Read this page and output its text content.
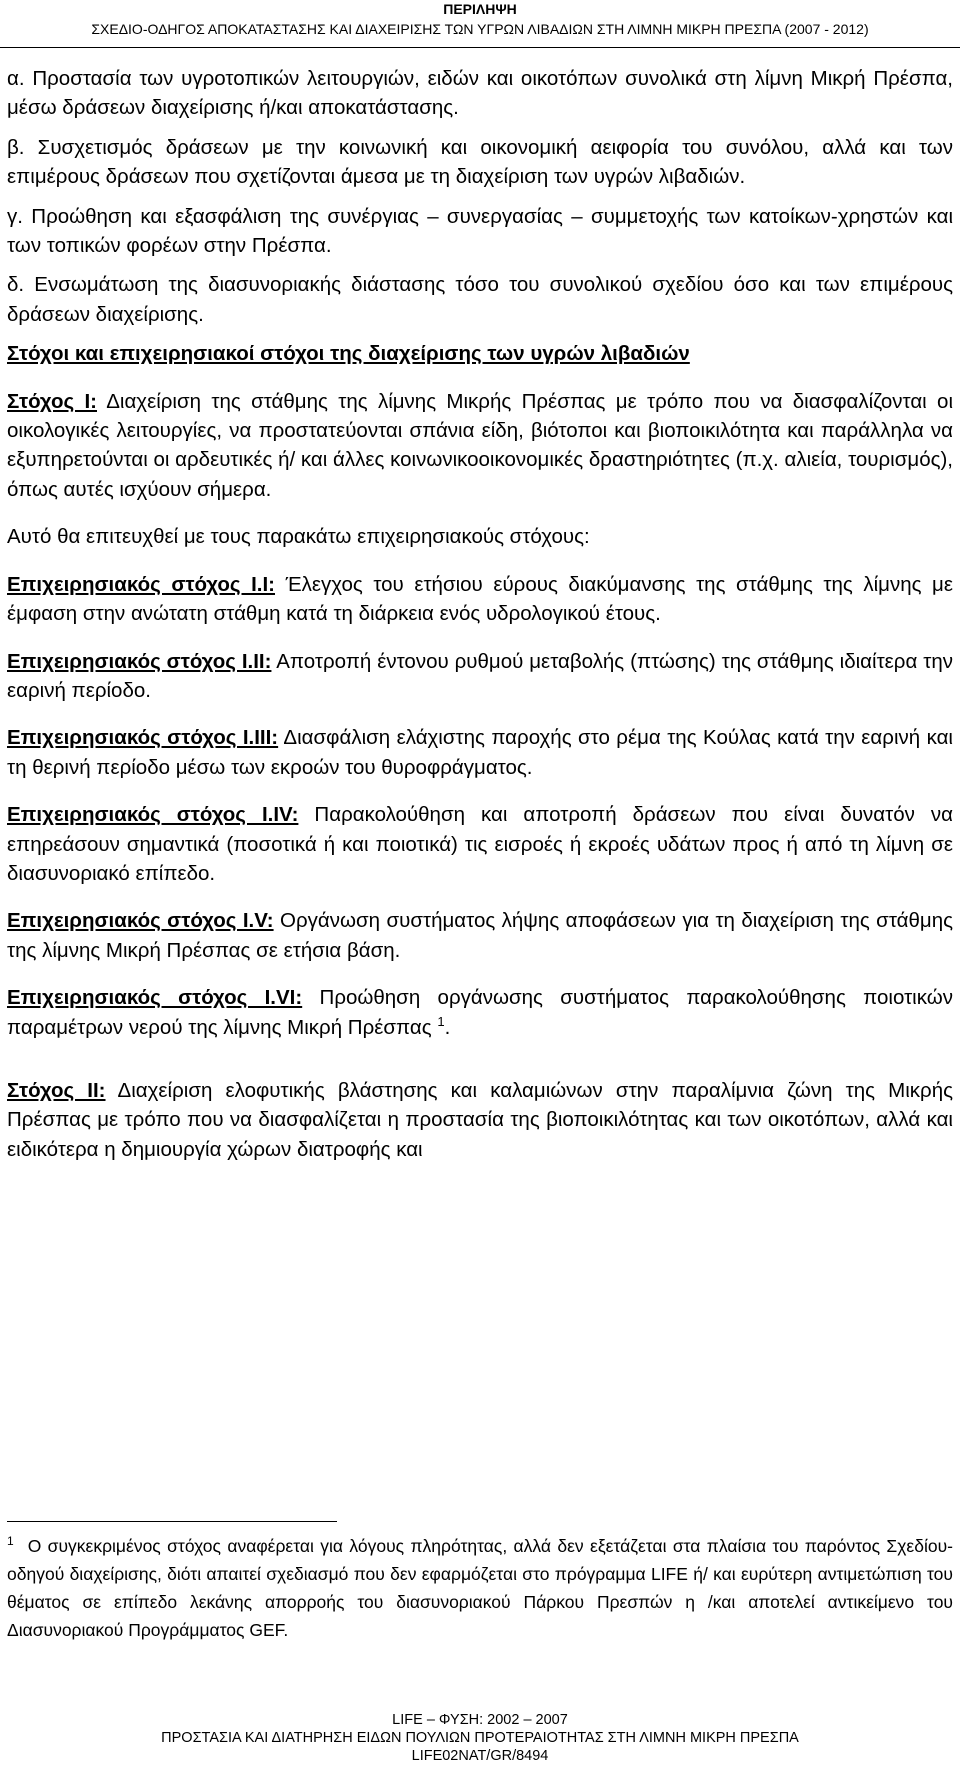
ΠΕΡΙΛΗΨΗ
ΣΧΕΔΙΟ-ΟΔΗΓΟΣ ΑΠΟΚΑΤΑΣΤΑΣΗΣ ΚΑΙ ΔΙΑΧΕΙΡΙΣΗΣ ΤΩΝ ΥΓΡΩΝ ΛΙΒΑΔΙΩΝ ΣΤΗ ΛΙΜΝΗ ΜΙΚΡΗ ΠΡΕΣΠΑ (2007 - 2012)

α. Προστασία των υγροτοπικών λειτουργιών, ειδών και οικοτόπων συνολικά στη λίμνη Μικρή Πρέσπα, μέσω δράσεων διαχείρισης ή/και αποκατάστασης.

β. Συσχετισμός δράσεων με την κοινωνική και οικονομική αειφορία του συνόλου, αλλά και των επιμέρους δράσεων που σχετίζονται άμεσα με τη διαχείριση των υγρών λιβαδιών.

γ. Προώθηση και εξασφάλιση της συνέργιας – συνεργασίας – συμμετοχής των κατοίκων-χρηστών και των τοπικών φορέων στην Πρέσπα.

δ. Ενσωμάτωση της διασυνοριακής διάστασης τόσο του συνολικού σχεδίου όσο και των επιμέρους δράσεων διαχείρισης.

Στόχοι και επιχειρησιακοί στόχοι της διαχείρισης των υγρών λιβαδιών

Στόχος Ι: Διαχείριση της στάθμης της λίμνης Μικρής Πρέσπας με τρόπο που να διασφαλίζονται οι οικολογικές λειτουργίες, να προστατεύονται σπάνια είδη, βιότοποι και βιοποικιλότητα και παράλληλα να εξυπηρετούνται οι αρδευτικές ή/ και άλλες κοινωνικοοικονομικές δραστηριότητες (π.χ. αλιεία, τουρισμός), όπως αυτές ισχύουν σήμερα.

Αυτό θα επιτευχθεί με τους παρακάτω επιχειρησιακούς στόχους:

Επιχειρησιακός στόχος Ι.Ι: Έλεγχος του ετήσιου εύρους διακύμανσης της στάθμης της λίμνης με έμφαση στην ανώτατη στάθμη κατά τη διάρκεια ενός υδρολογικού έτους.

Επιχειρησιακός στόχος Ι.ΙΙ: Αποτροπή έντονου ρυθμού μεταβολής (πτώσης) της στάθμης ιδιαίτερα την εαρινή περίοδο.

Επιχειρησιακός στόχος Ι.ΙΙΙ: Διασφάλιση ελάχιστης παροχής στο ρέμα της Κούλας κατά την εαρινή και τη θερινή περίοδο μέσω των εκροών του θυροφράγματος.

Επιχειρησιακός στόχος Ι.IV: Παρακολούθηση και αποτροπή δράσεων που είναι δυνατόν να επηρεάσουν σημαντικά (ποσοτικά ή και ποιοτικά) τις εισροές ή εκροές υδάτων προς ή από τη λίμνη σε διασυνοριακό επίπεδο.

Επιχειρησιακός στόχος Ι.V: Οργάνωση συστήματος λήψης αποφάσεων για τη διαχείριση της στάθμης της λίμνης Μικρή Πρέσπας σε ετήσια βάση.

Επιχειρησιακός στόχος Ι.VI: Προώθηση οργάνωσης συστήματος παρακολούθησης ποιοτικών παραμέτρων νερού της λίμνης Μικρή Πρέσπας $^1$.

Στόχος ΙΙ: Διαχείριση ελοφυτικής βλάστησης και καλαμιώνων στην παραλίμνια ζώνη της Μικρής Πρέσπας με τρόπο που να διασφαλίζεται η προστασία της βιοποικιλότητας και των οικοτόπων, αλλά και ειδικότερα η δημιουργία χώρων διατροφής και

$^1$ Ο συγκεκριμένος στόχος αναφέρεται για λόγους πληρότητας, αλλά δεν εξετάζεται στα πλαίσια του παρόντος Σχεδίου-οδηγού διαχείρισης, διότι απαιτεί σχεδιασμό που δεν εφαρμόζεται στο πρόγραμμα LIFE ή/ και ευρύτερη αντιμετώπιση του θέματος σε επίπεδο λεκάνης απορροής του διασυνοριακού Πάρκου Πρεσπών η /και αποτελεί αντικείμενο του Διασυνοριακού Προγράμματος GEF.
LIFE – ΦΥΣΗ: 2002 – 2007
ΠΡΟΣΤΑΣΙΑ ΚΑΙ ΔΙΑΤΗΡΗΣΗ ΕΙΔΩΝ ΠΟΥΛΙΩΝ ΠΡΟΤΕΡΑΙΟΤΗΤΑΣ ΣΤΗ ΛΙΜΝΗ ΜΙΚΡΗ ΠΡΕΣΠΑ
LIFE02NAT/GR/8494
